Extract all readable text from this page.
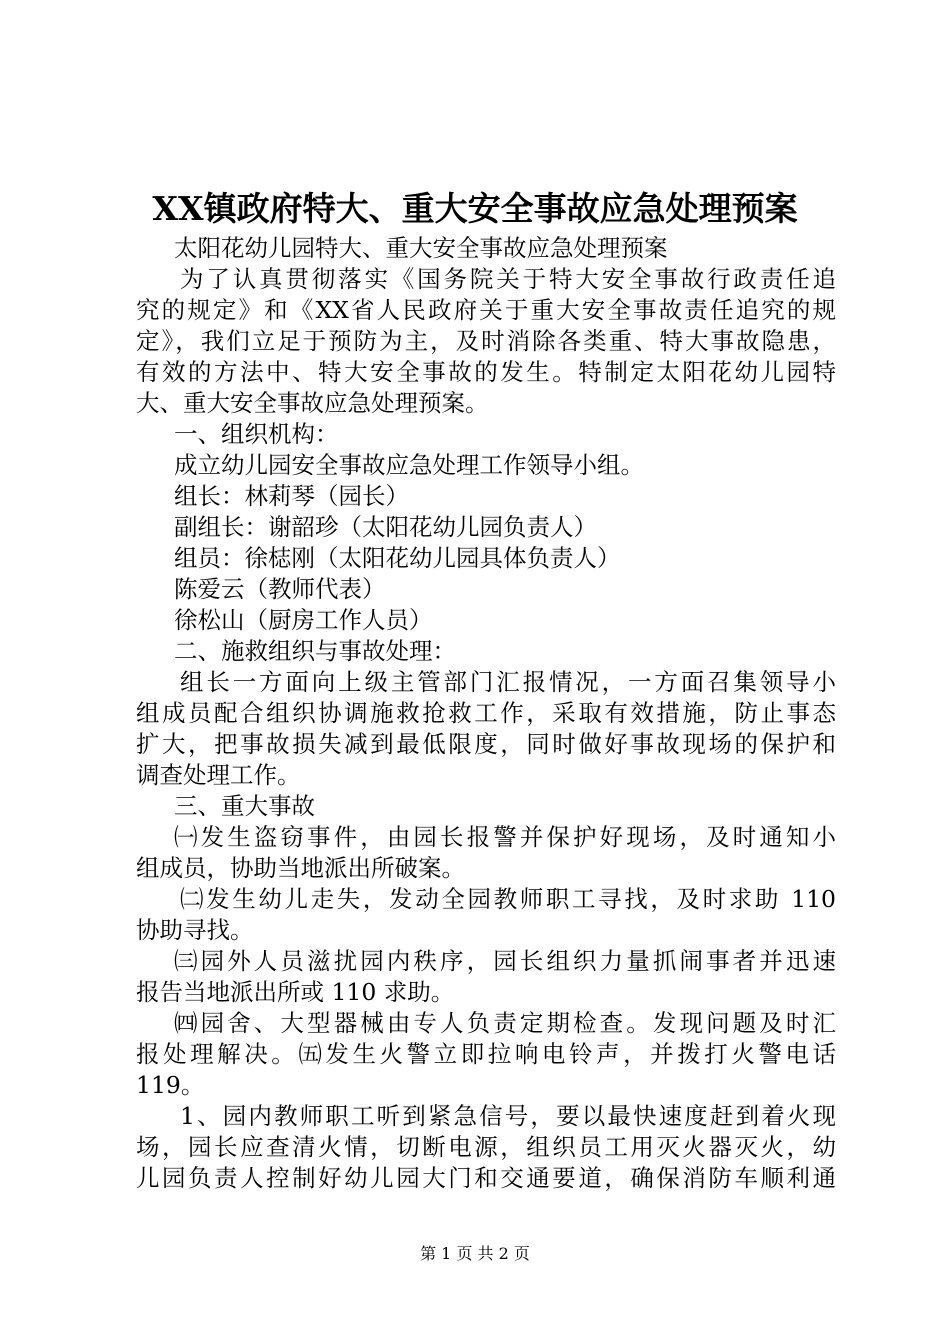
XX镇政府特大、重大安全事故应急处理预案
太阳花幼儿园特大、重大安全事故应急处理预案
为了认真贯彻落实《国务院关于特大安全事故行政责任追
究的规定》和《XX省人民政府关于重大安全事故责任追究的规
定》，我们立足于预防为主，及时消除各类重、特大事故隐患，
有效的方法中、特大安全事故的发生。特制定太阳花幼儿园特
大、重大安全事故应急处理预案。
一、组织机构：
成立幼儿园安全事故应急处理工作领导小组。
组长：林莉琴（园长）
副组长：谢韶珍（太阳花幼儿园负责人）
组员：徐梽刚（太阳花幼儿园具体负责人）
陈爱云（教师代表）
徐松山（厨房工作人员）
二、施救组织与事故处理：
组长一方面向上级主管部门汇报情况，一方面召集领导小
组成员配合组织协调施救抢救工作，采取有效措施，防止事态
扩大，把事故损失减到最低限度，同时做好事故现场的保护和
调查处理工作。
三、重大事故
㈠发生盗窃事件，由园长报警并保护好现场，及时通知小
组成员，协助当地派出所破案。
㈡发生幼儿走失，发动全园教师职工寻找，及时求助 110
协助寻找。
㈢园外人员滋扰园内秩序，园长组织力量抓闹事者并迅速
报告当地派出所或 110 求助。
㈣园舍、大型器械由专人负责定期检查。发现问题及时汇
报处理解决。㈤发生火警立即拉响电铃声，并拨打火警电话
119。
1、园内教师职工听到紧急信号，要以最快速度赶到着火现
场，园长应查清火情，切断电源，组织员工用灭火器灭火，幼
儿园负责人控制好幼儿园大门和交通要道，确保消防车顺利通
第 1 页 共 2 页
